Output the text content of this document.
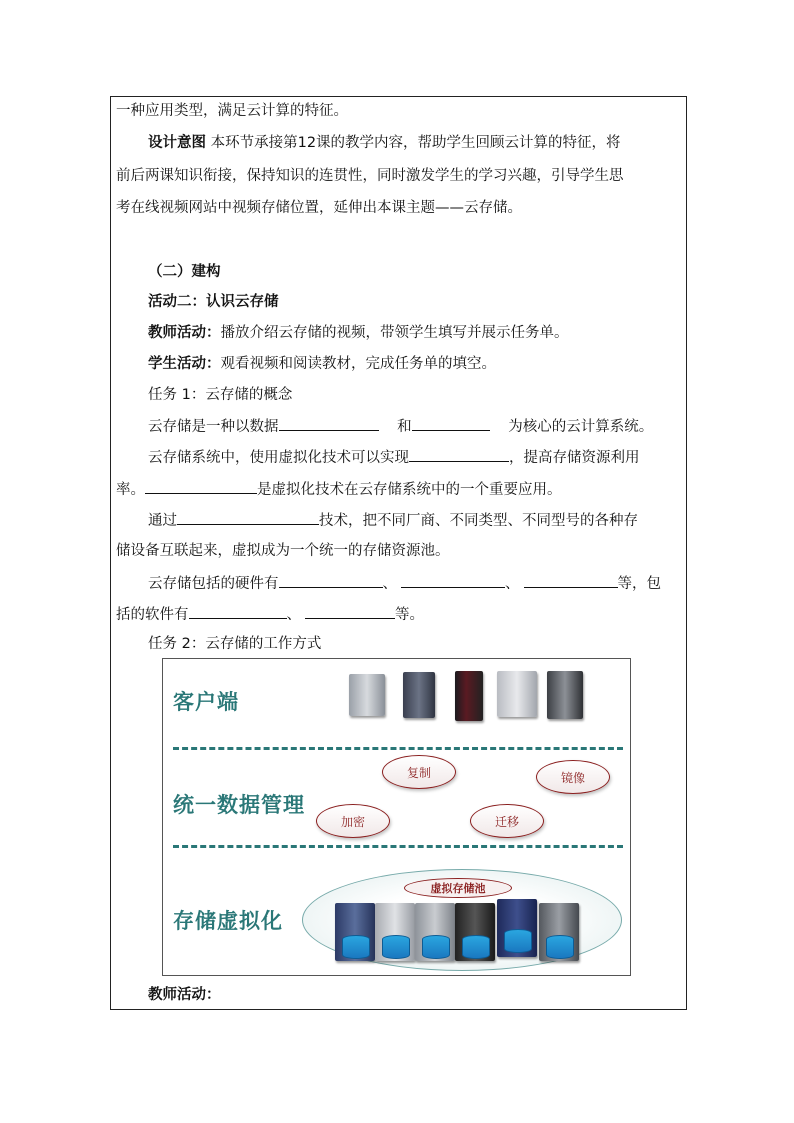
一种应用类型，满足云计算的特征。
设计意图 本环节承接第12课的教学内容，帮助学生回顾云计算的特征，将
前后两课知识衔接，保持知识的连贯性，同时激发学生的学习兴趣，引导学生思
考在线视频网站中视频存储位置，延伸出本课主题——云存储。
（二）建构
活动二：认识云存储
教师活动：播放介绍云存储的视频，带领学生填写并展示任务单。
学生活动：观看视频和阅读教材，完成任务单的填空。
任务 1：云存储的概念
云存储是一种以数据	和	为核心的云计算系统。
云存储系统中，使用虚拟化技术可以实现	，提高存储资源利用
率。	是虚拟化技术在云存储系统中的一个重要应用。
通过	技术，把不同厂商、不同类型、不同型号的各种存
储设备互联起来，虚拟成为一个统一的存储资源池。
云存储包括的硬件有	、	、	等，包
括的软件有	、	等。
任务 2：云存储的工作方式
客户端
统一数据管理
复制	镜像
加密	迁移
存储虚拟化
虚拟存储池
教师活动：
